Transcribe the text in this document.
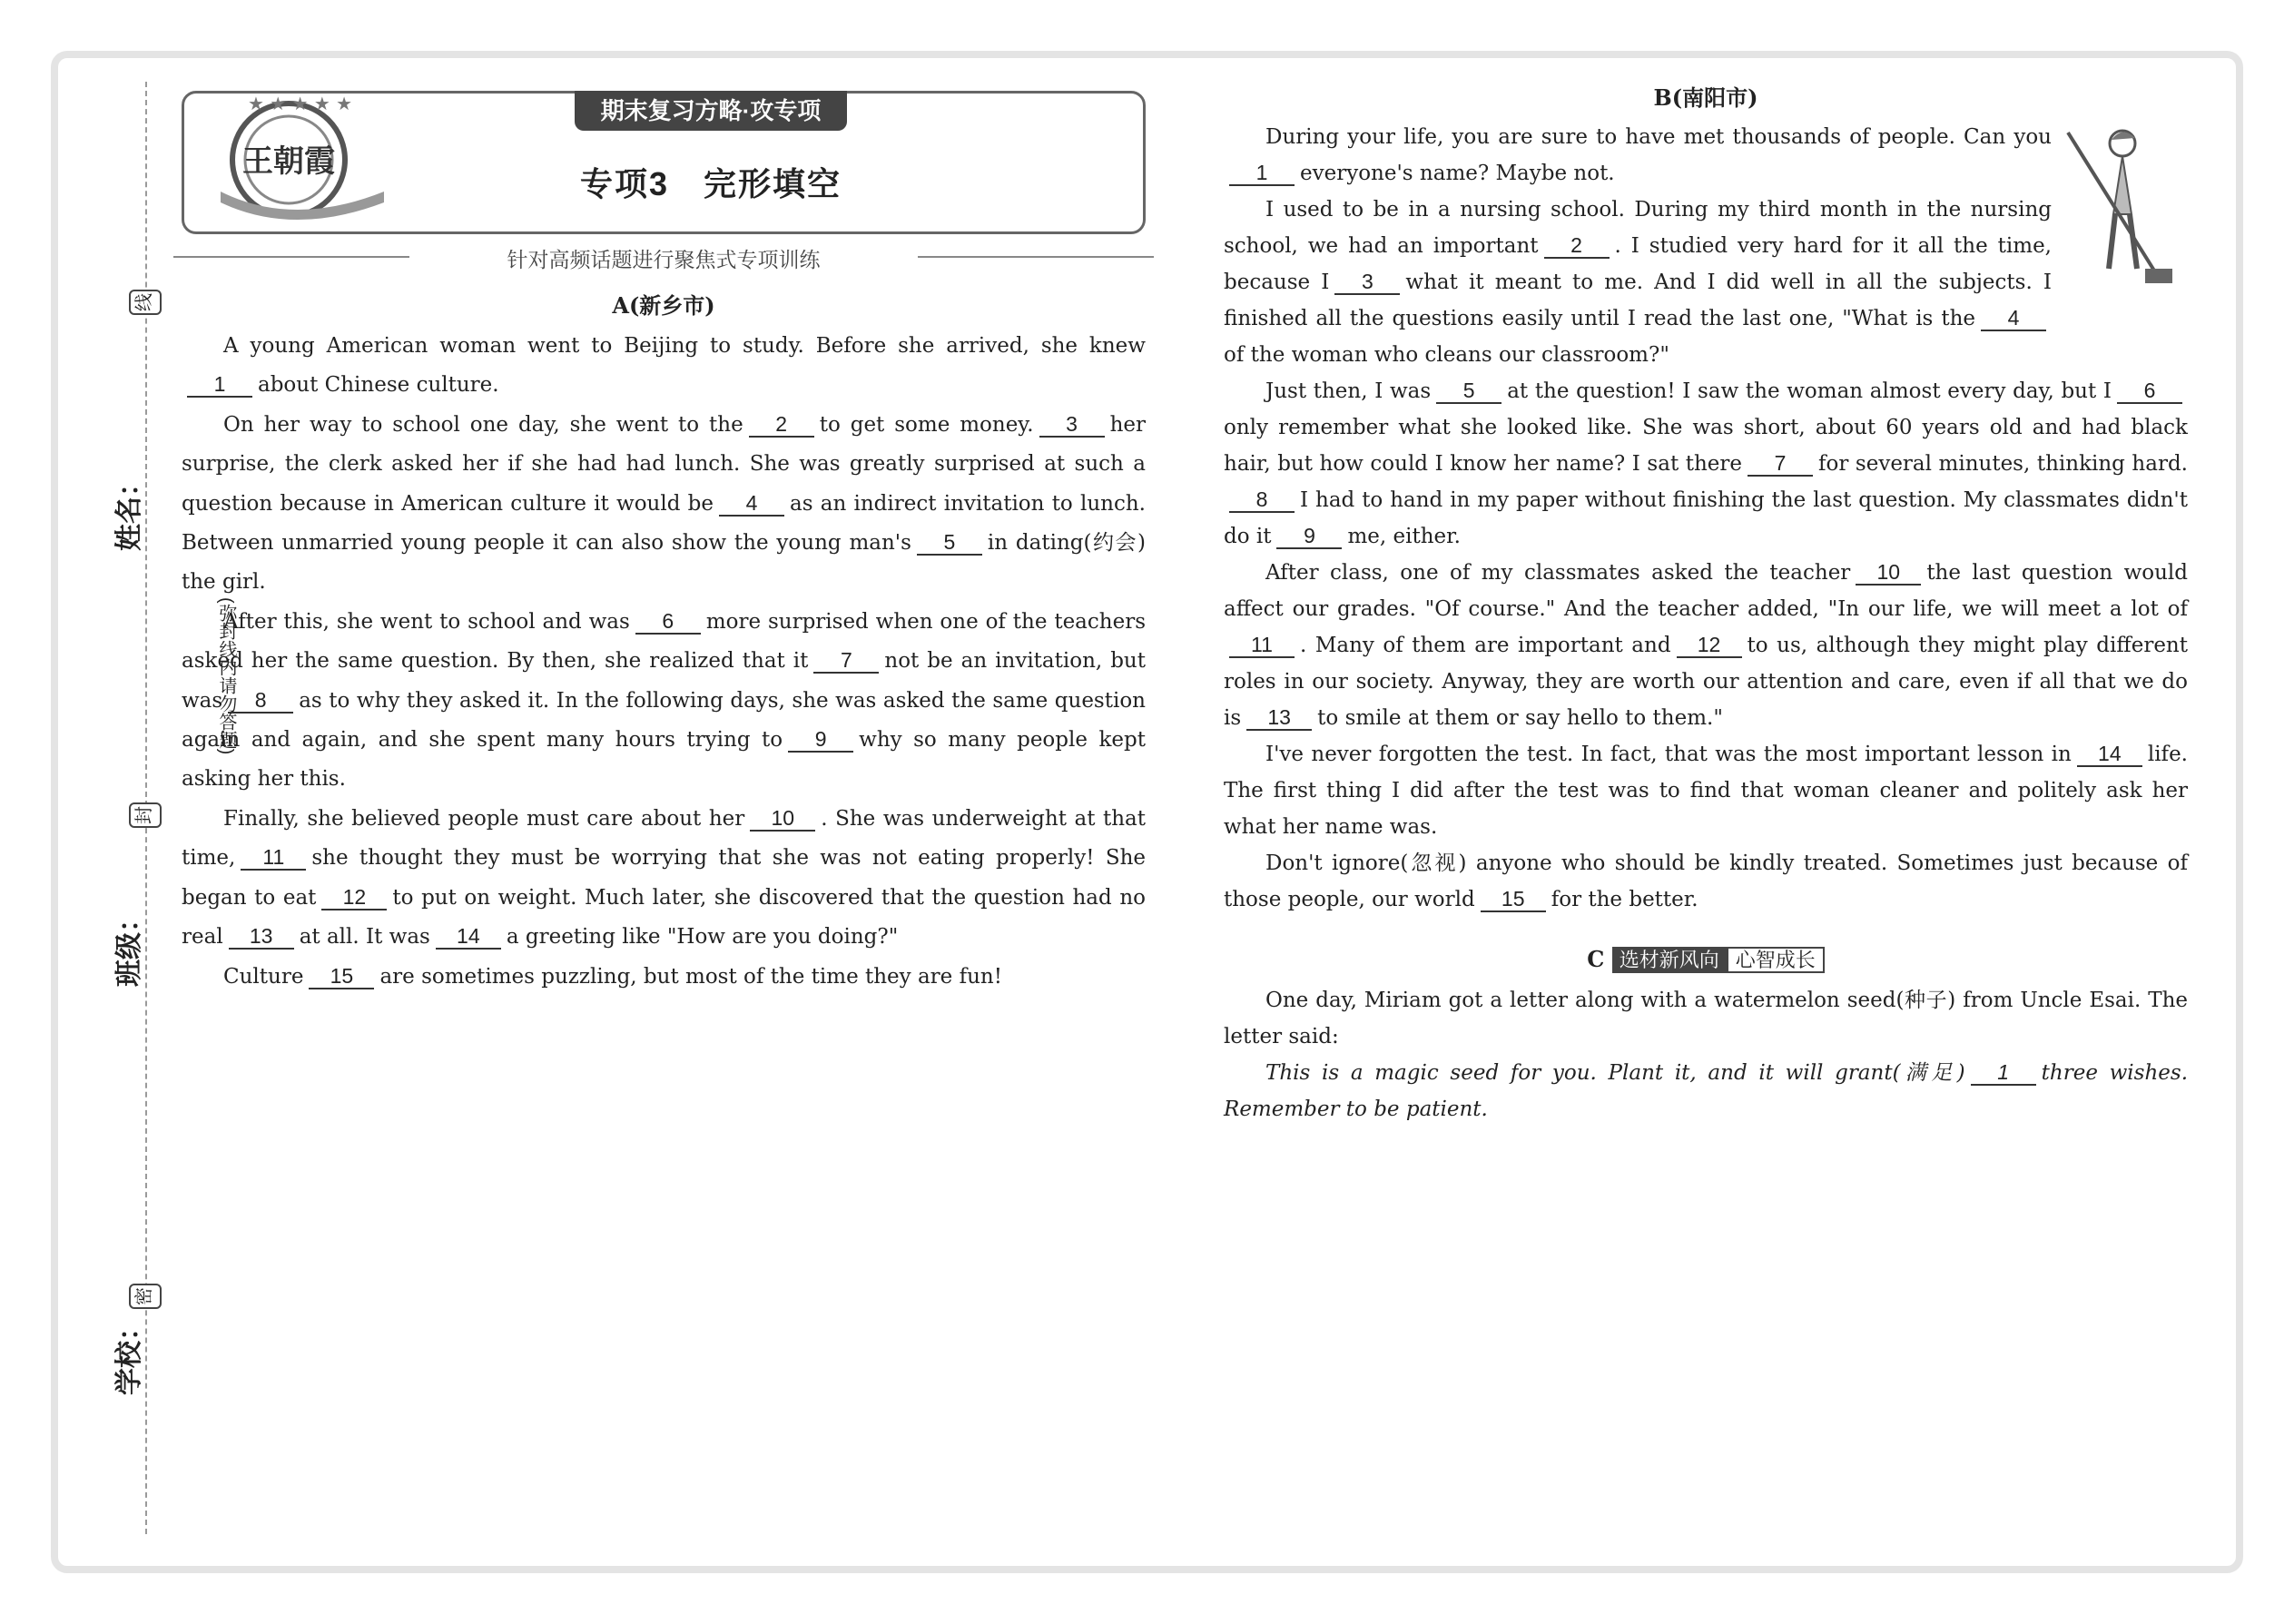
姓名：
班级：
学校：
线
封
密
(弥封线内请勿答题)
王朝霞
★ ★ ★ ★ ★	期末复习方略·攻专项
专项3　完形填空
针对高频话题进行聚焦式专项训练
A(新乡市)

A young American woman went to Beijing to study. Before she arrived, she knew1 about Chinese culture.

On her way to school one day, she went to the 2 to get some money. 3 her surprise, the clerk asked her if she had had lunch. She was greatly surprised at such a question because in American culture it would be 4 as an indirect invitation to lunch. Between unmarried young people it can also show the young man's 5 in dating(约会) the girl.

After this, she went to school and was 6 more surprised when one of the teachers asked her the same question. By then, she realized that it 7 not be an invitation, but was 8 as to why they asked it. In the following days, she was asked the same question again and again, and she spent many hours trying to 9 why so many people kept asking her this.

Finally, she believed people must care about her 10 . She was underweight at that time, 11 she thought they must be worrying that she was not eating properly! She began to eat 12 to put on weight. Much later, she discovered that the question had no real 13 at all. It was 14 a greeting like "How are you doing?"

Culture 15 are sometimes puzzling, but most of the time they are fun!

B(南阳市)

During your life, you are sure to have met thousands of people. Can you1 everyone's name? Maybe not.

I used to be in a nursing school. During my third month in the nursing school, we had an important 2 . I studied very hard for it all the time, because I 3 what it meant to me. And I did well in all the subjects. I finished all the questions easily until I read the last one, "What is the 4of the woman who cleans our classroom?"

Just then, I was 5 at the question! I saw the woman almost every day, but I 6only remember what she looked like. She was short, about 60 years old and had black hair, but how could I know her name? I sat there 7 for several minutes, thinking hard.8 I had to hand in my paper without finishing the last question. My classmates didn't do it 9 me, either.

After class, one of my classmates asked the teacher 10 the last question would affect our grades. "Of course." And the teacher added, "In our life, we will meet a lot of11 . Many of them are important and 12 to us, although they might play different roles in our society. Anyway, they are worth our attention and care, even if all that we do is 13 to smile at them or say hello to them."

I've never forgotten the test. In fact, that was the most important lesson in 14 life. The first thing I did after the test was to find that woman cleaner and politely ask her what her name was.

Don't ignore(忽视) anyone who should be kindly treated. Sometimes just because of those people, our world 15 for the better.

C 选材新风向 心智成长

One day, Miriam got a letter along with a watermelon seed(种子) from Uncle Esai. The letter said:

This is a magic seed for you. Plant it, and it will grant(满足) 1 three wishes. Remember to be patient.
